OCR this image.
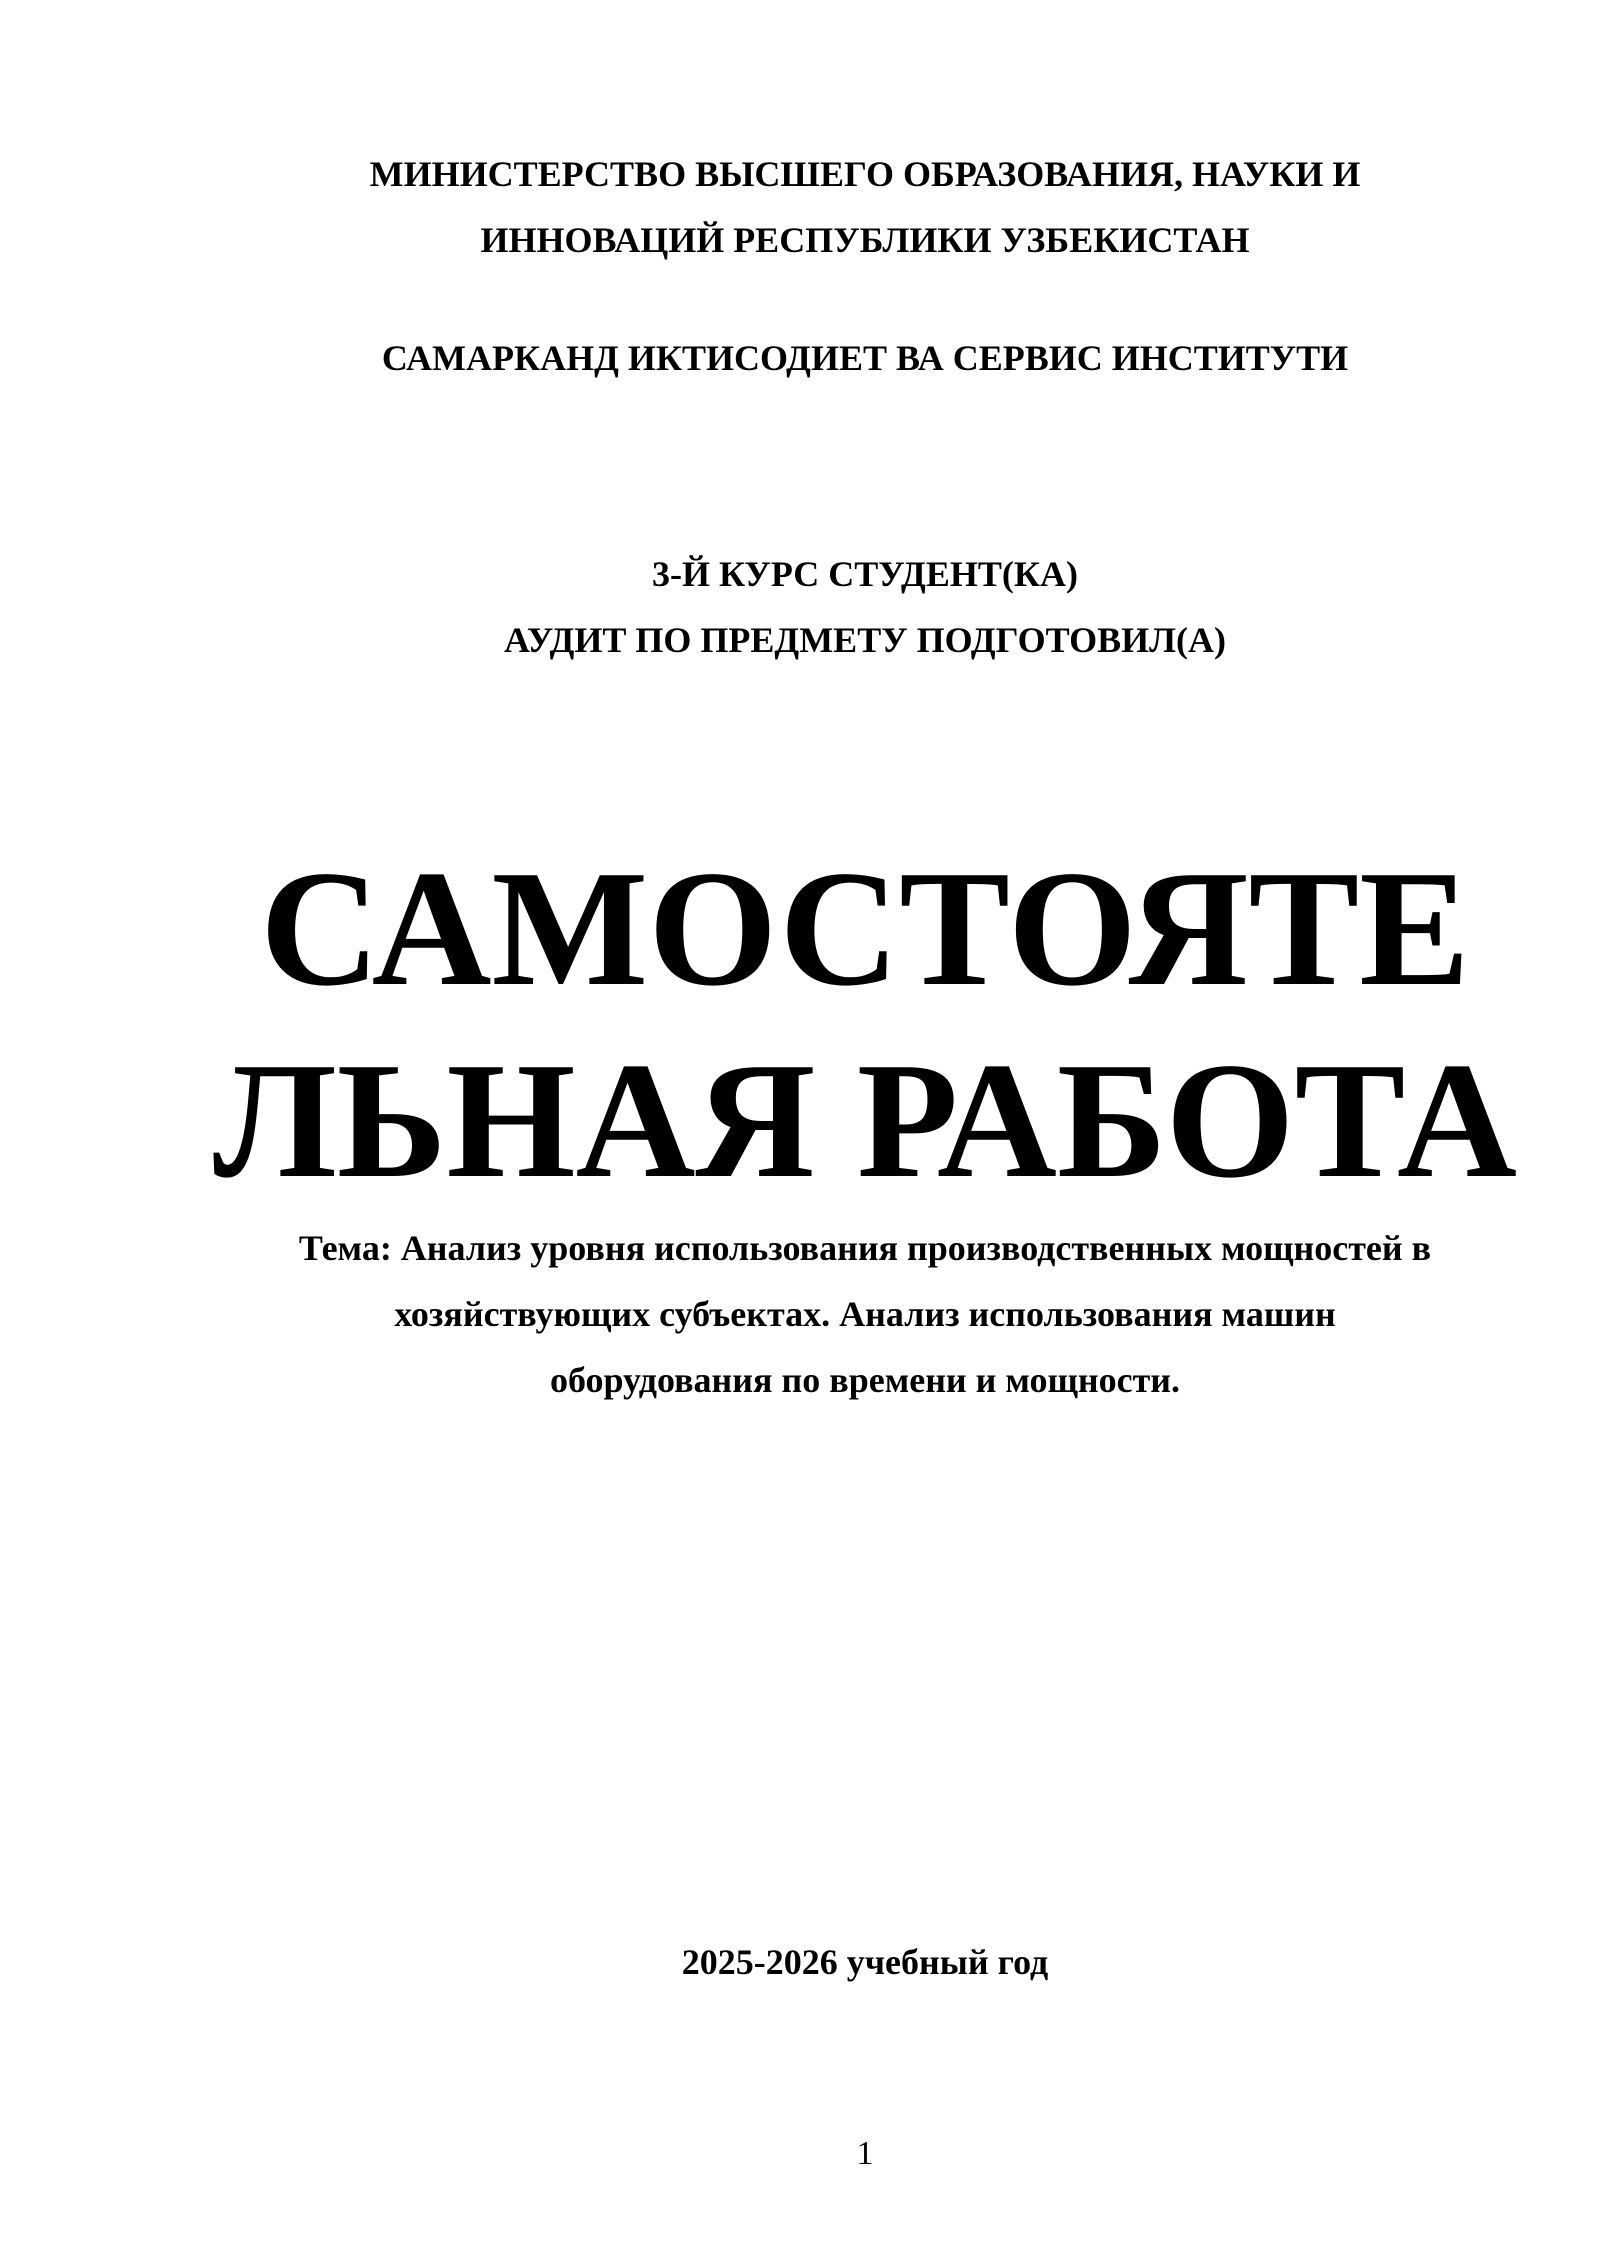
МИНИСТЕРСТВО ВЫСШЕГО ОБРАЗОВАНИЯ, НАУКИ И
ИННОВАЦИЙ РЕСПУБЛИКИ УЗБЕКИСТАН
САМАРКАНД ИКТИСОДИЕТ ВА СЕРВИС ИНСТИТУТИ
3-Й КУРС СТУДЕНТ(КА)
АУДИТ ПО ПРЕДМЕТУ ПОДГОТОВИЛ(А)
САМОСТОЯТЕ
ЛЬНАЯ РАБОТА
Тема: Анализ уровня использования производственных мощностей в
хозяйствующих субъектах. Анализ использования машин
оборудования по времени и мощности.
2025-2026 учебный год
1
